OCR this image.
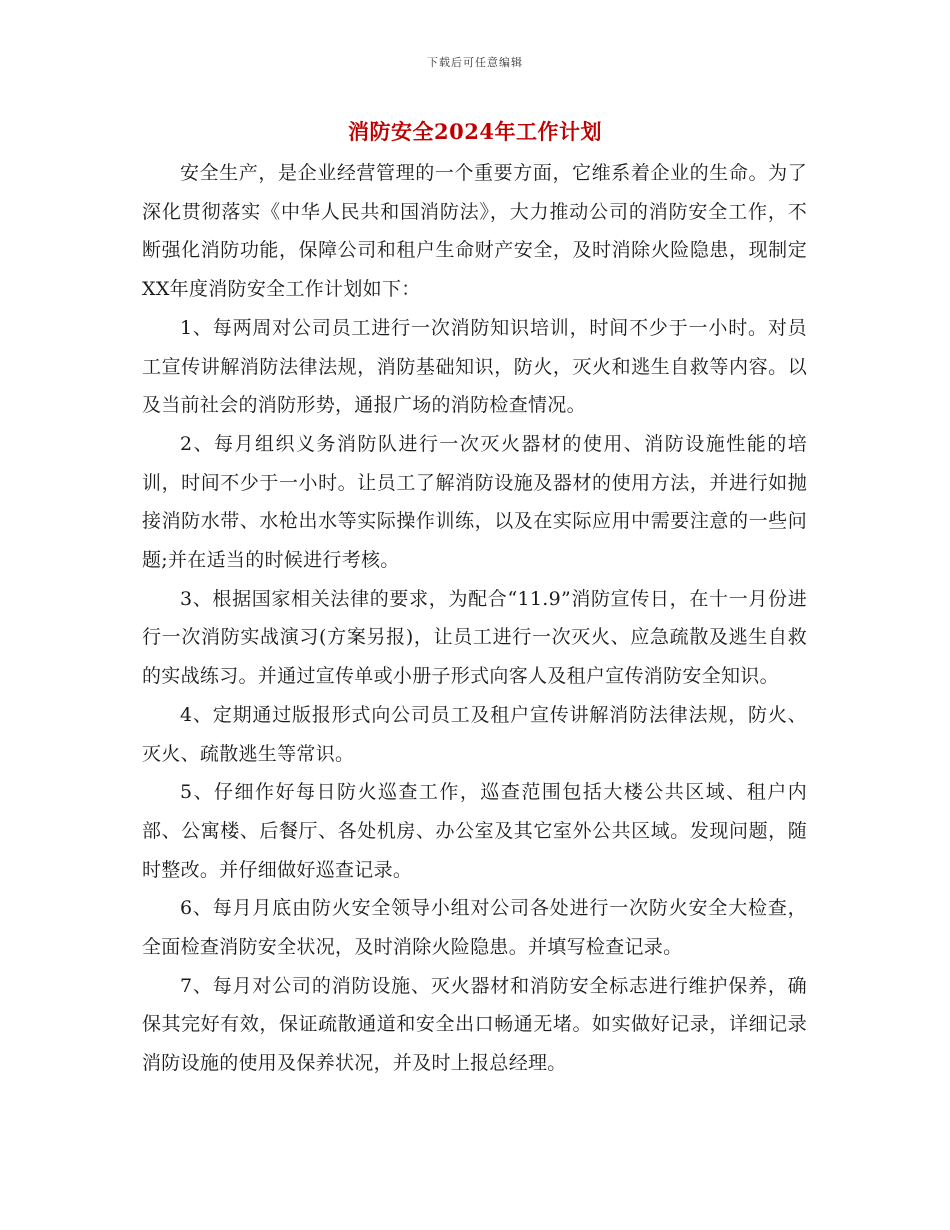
下载后可任意编辑
消防安全2024年工作计划

安全生产，是企业经营管理的一个重要方面，它维系着企业的生命。为了深化贯彻落实《中华人民共和国消防法》，大力推动公司的消防安全工作，不断强化消防功能，保障公司和租户生命财产安全，及时消除火险隐患，现制定XX年度消防安全工作计划如下：

1、每两周对公司员工进行一次消防知识培训，时间不少于一小时。对员工宣传讲解消防法律法规，消防基础知识，防火，灭火和逃生自救等内容。以及当前社会的消防形势，通报广场的消防检查情况。

2、每月组织义务消防队进行一次灭火器材的使用、消防设施性能的培训，时间不少于一小时。让员工了解消防设施及器材的使用方法，并进行如抛接消防水带、水枪出水等实际操作训练，以及在实际应用中需要注意的一些问题;并在适当的时候进行考核。

3、根据国家相关法律的要求，为配合“11.9”消防宣传日，在十一月份进行一次消防实战演习(方案另报)，让员工进行一次灭火、应急疏散及逃生自救的实战练习。并通过宣传单或小册子形式向客人及租户宣传消防安全知识。

4、定期通过版报形式向公司员工及租户宣传讲解消防法律法规，防火、灭火、疏散逃生等常识。

5、仔细作好每日防火巡查工作，巡查范围包括大楼公共区域、租户内部、公寓楼、后餐厅、各处机房、办公室及其它室外公共区域。发现问题，随时整改。并仔细做好巡查记录。

6、每月月底由防火安全领导小组对公司各处进行一次防火安全大检查，全面检查消防安全状况，及时消除火险隐患。并填写检查记录。

7、每月对公司的消防设施、灭火器材和消防安全标志进行维护保养，确保其完好有效，保证疏散通道和安全出口畅通无堵。如实做好记录，详细记录消防设施的使用及保养状况，并及时上报总经理。
